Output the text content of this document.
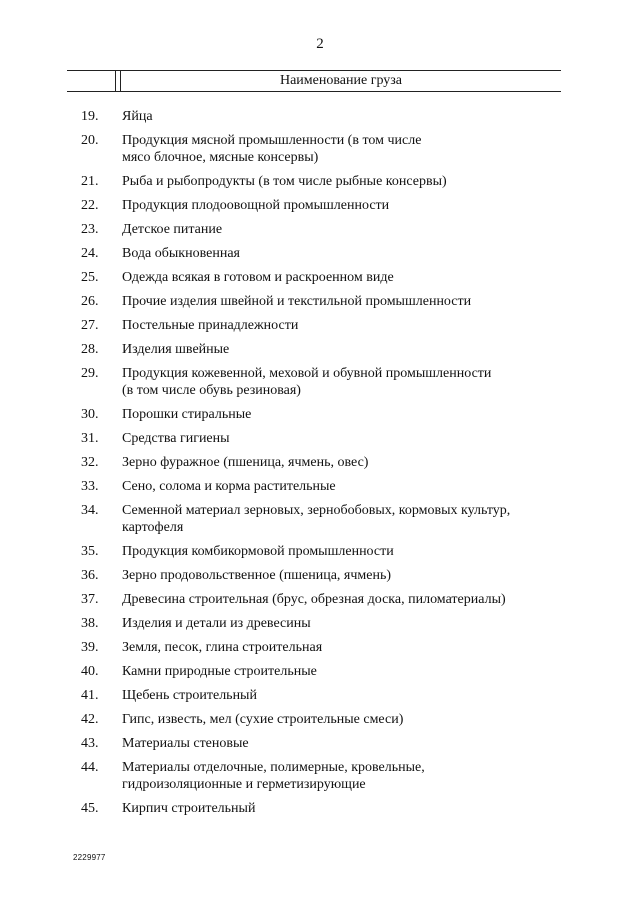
2
Наименование груза
19.	Яйца
20.	Продукция мясной промышленности (в том числе
мясо блочное, мясные консервы)
21.	Рыба и рыбопродукты (в том числе рыбные консервы)
22.	Продукция плодоовощной промышленности
23.	Детское питание
24.	Вода обыкновенная
25.	Одежда всякая в готовом и раскроенном виде
26.	Прочие изделия швейной и текстильной промышленности
27.	Постельные принадлежности
28.	Изделия швейные
29.	Продукция кожевенной, меховой и обувной промышленности
(в том числе обувь резиновая)
30.	Порошки стиральные
31.	Средства гигиены
32.	Зерно фуражное (пшеница, ячмень, овес)
33.	Сено, солома и корма растительные
34.	Семенной материал зерновых, зернобобовых, кормовых культур,
картофеля
35.	Продукция комбикормовой промышленности
36.	Зерно продовольственное (пшеница, ячмень)
37.	Древесина строительная (брус, обрезная доска, пиломатериалы)
38.	Изделия и детали из древесины
39.	Земля, песок, глина строительная
40.	Камни природные строительные
41.	Щебень строительный
42.	Гипс, известь, мел (сухие строительные смеси)
43.	Материалы стеновые
44.	Материалы отделочные, полимерные, кровельные,
гидроизоляционные и герметизирующие
45.	Кирпич строительный
2229977
